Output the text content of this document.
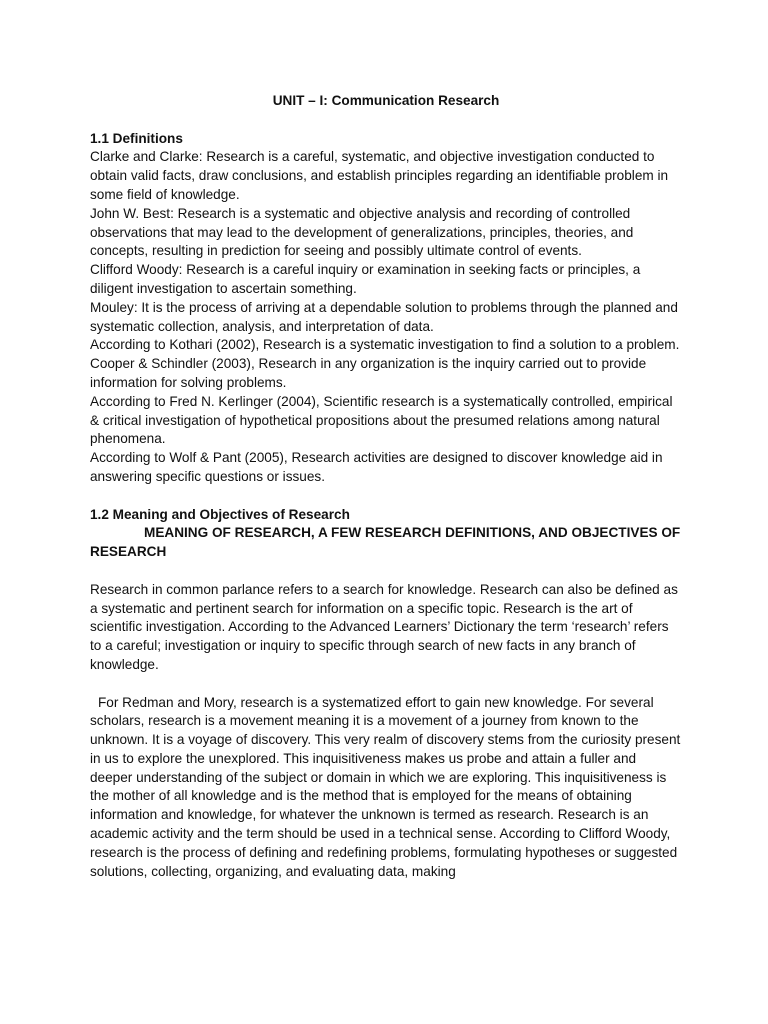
UNIT – I: Communication Research

1.1 Definitions

Clarke and Clarke: Research is a careful, systematic, and objective investigation conducted to obtain valid facts, draw conclusions, and establish principles regarding an identifiable problem in some field of knowledge.

John W. Best: Research is a systematic and objective analysis and recording of controlled observations that may lead to the development of generalizations, principles, theories, and concepts, resulting in prediction for seeing and possibly ultimate control of events.

Clifford Woody: Research is a careful inquiry or examination in seeking facts or principles, a diligent investigation to ascertain something.

Mouley: It is the process of arriving at a dependable solution to problems through the planned and systematic collection, analysis, and interpretation of data.

According to Kothari (2002), Research is a systematic investigation to find a solution to a problem.

Cooper & Schindler (2003), Research in any organization is the inquiry carried out to provide information for solving problems.

According to Fred N. Kerlinger (2004), Scientific research is a systematically controlled, empirical & critical investigation of hypothetical propositions about the presumed relations among natural phenomena.

According to Wolf & Pant (2005), Research activities are designed to discover knowledge aid in answering specific questions or issues.

1.2 Meaning and Objectives of Research

MEANING OF RESEARCH, A FEW RESEARCH DEFINITIONS, AND OBJECTIVES OF RESEARCH

Research in common parlance refers to a search for knowledge. Research can also be defined as a systematic and pertinent search for information on a specific topic. Research is the art of scientific investigation. According to the Advanced Learners’ Dictionary the term ‘research’ refers to a careful; investigation or inquiry to specific through search of new facts in any branch of knowledge.

For Redman and Mory, research is a systematized effort to gain new knowledge. For several scholars, research is a movement meaning it is a movement of a journey from known to the unknown. It is a voyage of discovery. This very realm of discovery stems from the curiosity present in us to explore the unexplored. This inquisitiveness makes us probe and attain a fuller and deeper understanding of the subject or domain in which we are exploring. This inquisitiveness is the mother of all knowledge and is the method that is employed for the means of obtaining information and knowledge, for whatever the unknown is termed as research. Research is an academic activity and the term should be used in a technical sense. According to Clifford Woody, research is the process of defining and redefining problems, formulating hypotheses or suggested solutions, collecting, organizing, and evaluating data, making
